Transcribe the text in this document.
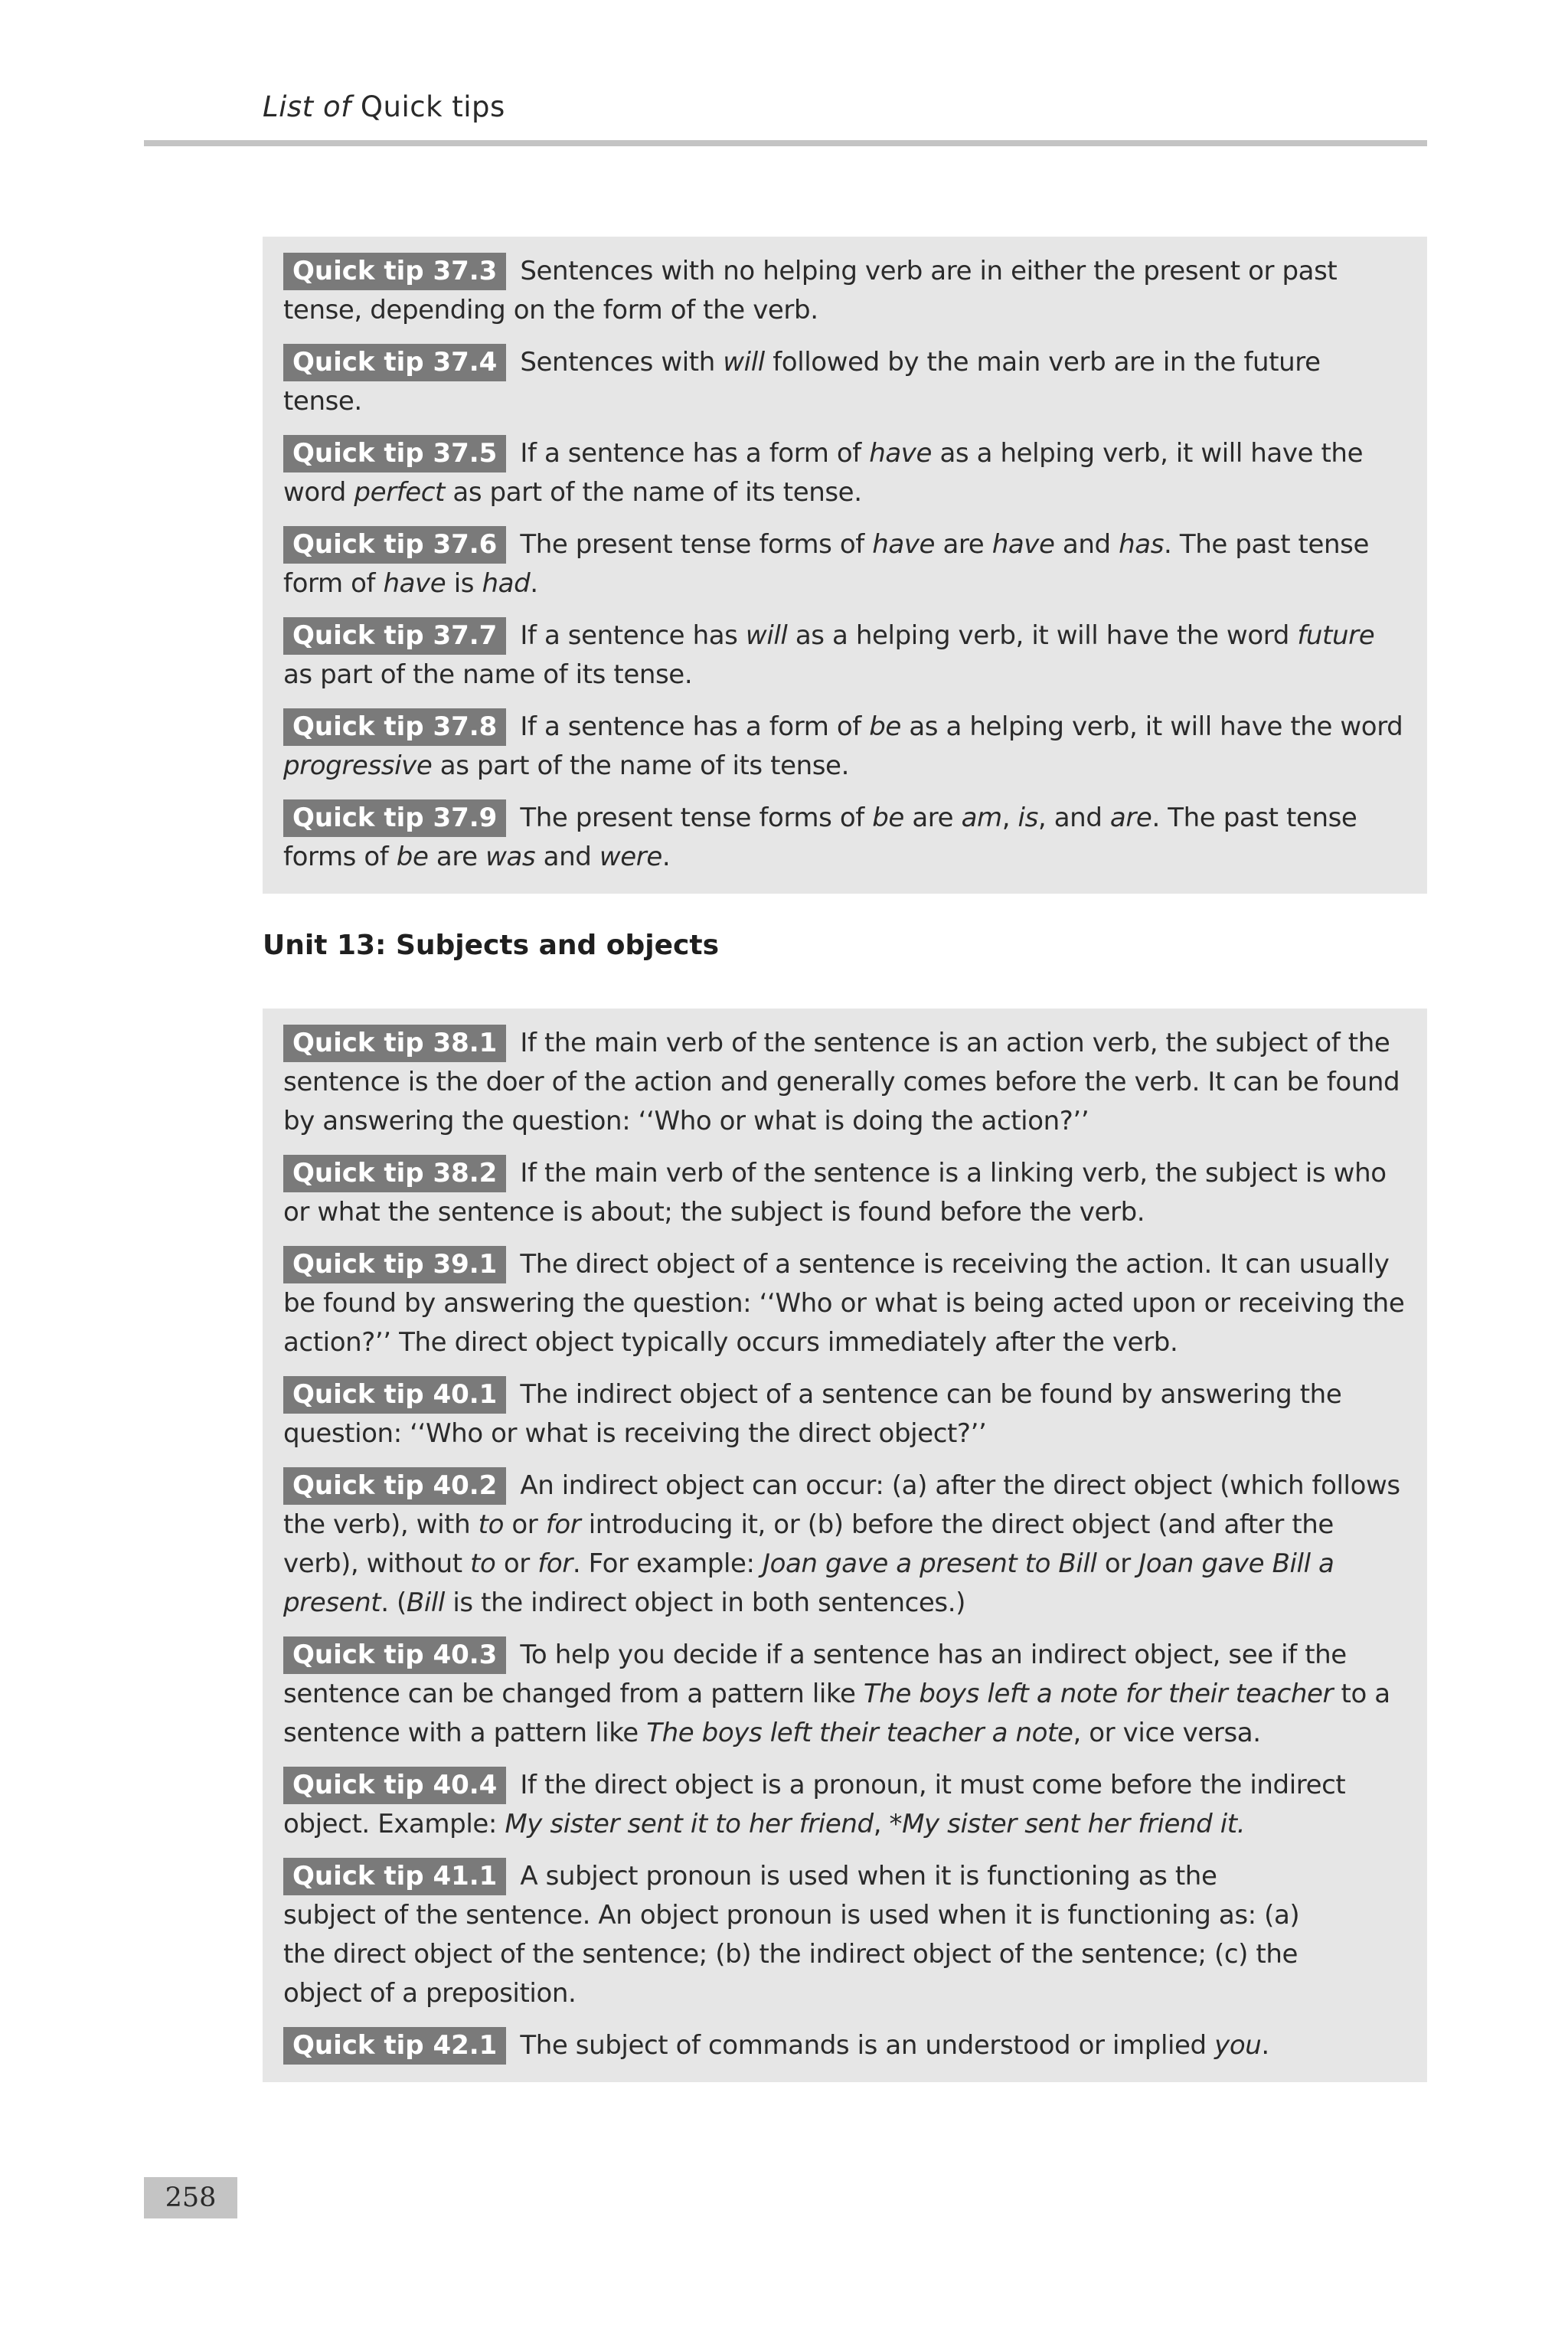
List of Quick tips

Quick tip 37.3 Sentences with no helping verb are in either the present or past tense, depending on the form of the verb.

Quick tip 37.4 Sentences with will followed by the main verb are in the future tense.

Quick tip 37.5 If a sentence has a form of have as a helping verb, it will have the word perfect as part of the name of its tense.

Quick tip 37.6 The present tense forms of have are have and has. The past tense form of have is had.

Quick tip 37.7 If a sentence has will as a helping verb, it will have the word future as part of the name of its tense.

Quick tip 37.8 If a sentence has a form of be as a helping verb, it will have the word progressive as part of the name of its tense.

Quick tip 37.9 The present tense forms of be are am, is, and are. The past tense forms of be are was and were.

Unit 13: Subjects and objects

Quick tip 38.1 If the main verb of the sentence is an action verb, the subject of the sentence is the doer of the action and generally comes before the verb. It can be found by answering the question: ‘‘Who or what is doing the action?’’

Quick tip 38.2 If the main verb of the sentence is a linking verb, the subject is who or what the sentence is about; the subject is found before the verb.

Quick tip 39.1 The direct object of a sentence is receiving the action. It can usually be found by answering the question: ‘‘Who or what is being acted upon or receiving the action?’’ The direct object typically occurs immediately after the verb.

Quick tip 40.1 The indirect object of a sentence can be found by answering the question: ‘‘Who or what is receiving the direct object?’’

Quick tip 40.2 An indirect object can occur: (a) after the direct object (which follows the verb), with to or for introducing it, or (b) before the direct object (and after the verb), without to or for. For example: Joan gave a present to Bill or Joan gave Bill a present. (Bill is the indirect object in both sentences.)

Quick tip 40.3 To help you decide if a sentence has an indirect object, see if the sentence can be changed from a pattern like The boys left a note for their teacher to a sentence with a pattern like The boys left their teacher a note, or vice versa.

Quick tip 40.4 If the direct object is a pronoun, it must come before the indirect object. Example: My sister sent it to her friend, *My sister sent her friend it.

Quick tip 41.1 A subject pronoun is used when it is functioning as the subject of the sentence. An object pronoun is used when it is functioning as: (a) the direct object of the sentence; (b) the indirect object of the sentence; (c) the object of a preposition.

Quick tip 42.1 The subject of commands is an understood or implied you.

258
